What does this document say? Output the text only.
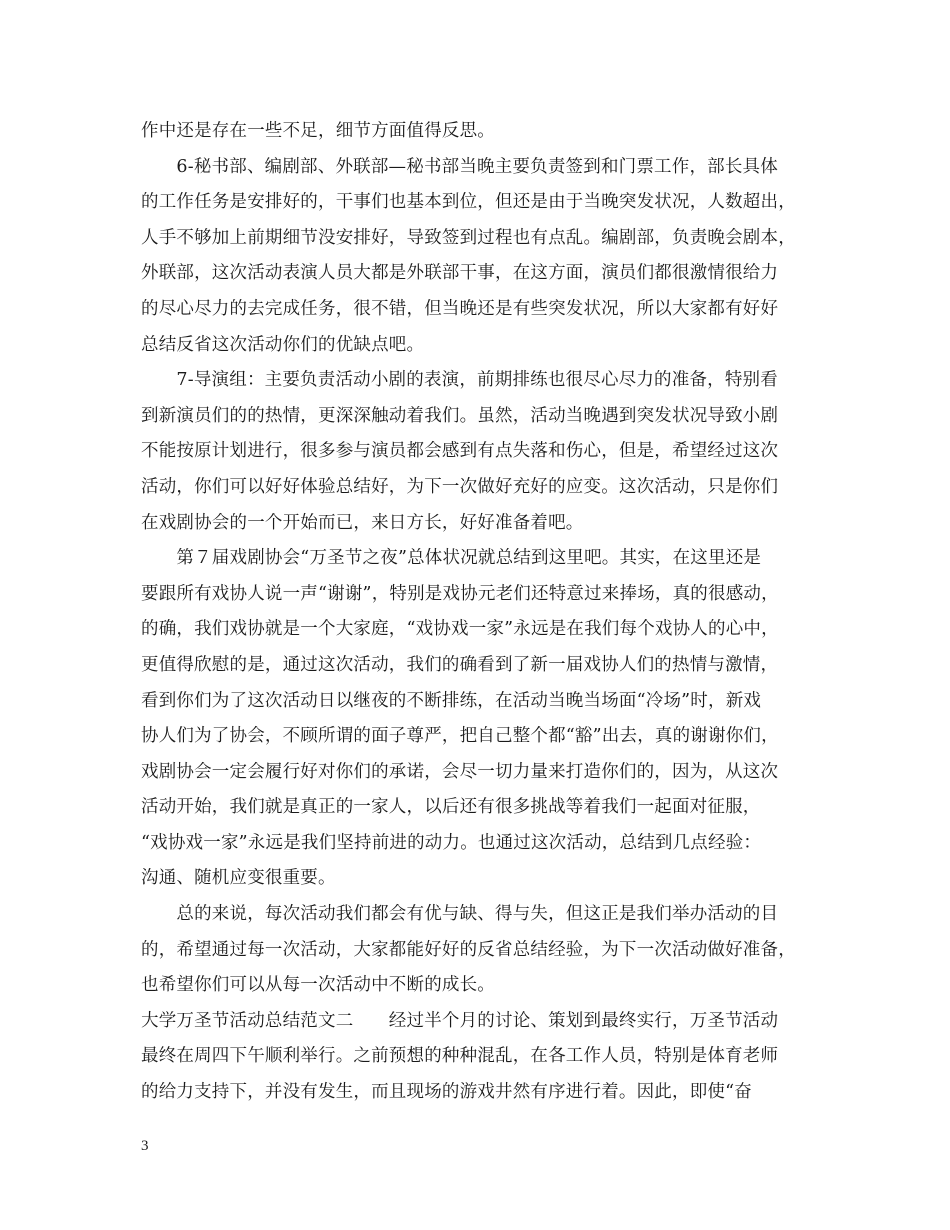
作中还是存在一些不足，细节方面值得反思。
　　6-秘书部、编剧部、外联部—秘书部当晚主要负责签到和门票工作，部长具体
的工作任务是安排好的，干事们也基本到位，但还是由于当晚突发状况，人数超出，
人手不够加上前期细节没安排好，导致签到过程也有点乱。编剧部，负责晚会剧本，
外联部，这次活动表演人员大都是外联部干事，在这方面，演员们都很激情很给力
的尽心尽力的去完成任务，很不错，但当晚还是有些突发状况，所以大家都有好好
总结反省这次活动你们的优缺点吧。
　　7-导演组：主要负责活动小剧的表演，前期排练也很尽心尽力的准备，特别看
到新演员们的的热情，更深深触动着我们。虽然，活动当晚遇到突发状况导致小剧
不能按原计划进行，很多参与演员都会感到有点失落和伤心，但是，希望经过这次
活动，你们可以好好体验总结好，为下一次做好充好的应变。这次活动，只是你们
在戏剧协会的一个开始而已，来日方长，好好准备着吧。
　　第７届戏剧协会“万圣节之夜”总体状况就总结到这里吧。其实，在这里还是
要跟所有戏协人说一声“谢谢”，特别是戏协元老们还特意过来捧场，真的很感动，
的确，我们戏协就是一个大家庭，“戏协戏一家”永远是在我们每个戏协人的心中，
更值得欣慰的是，通过这次活动，我们的确看到了新一届戏协人们的热情与激情，
看到你们为了这次活动日以继夜的不断排练，在活动当晚当场面“冷场”时，新戏
协人们为了协会，不顾所谓的面子尊严，把自己整个都“豁”出去，真的谢谢你们，
戏剧协会一定会履行好对你们的承诺，会尽一切力量来打造你们的，因为，从这次
活动开始，我们就是真正的一家人，以后还有很多挑战等着我们一起面对征服，
“戏协戏一家”永远是我们坚持前进的动力。也通过这次活动，总结到几点经验：
沟通、随机应变很重要。
　　总的来说，每次活动我们都会有优与缺、得与失，但这正是我们举办活动的目
的，希望通过每一次活动，大家都能好好的反省总结经验，为下一次活动做好准备，
也希望你们可以从每一次活动中不断的成长。
大学万圣节活动总结范文二　　经过半个月的讨论、策划到最终实行，万圣节活动
最终在周四下午顺利举行。之前预想的种种混乱，在各工作人员，特别是体育老师
的给力支持下，并没有发生，而且现场的游戏井然有序进行着。因此，即使“奋
3
